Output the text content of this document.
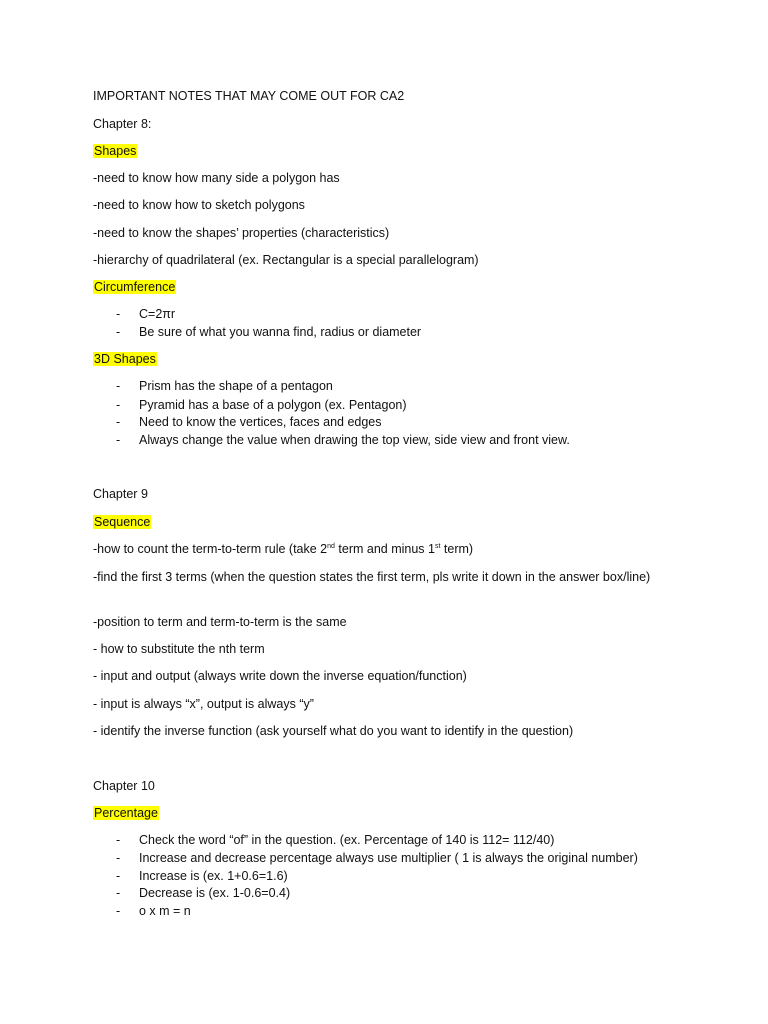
IMPORTANT NOTES THAT MAY COME OUT FOR CA2

Chapter 8:

Shapes

-need to know how many side a polygon has

-need to know how to sketch polygons

-need to know the shapes’ properties (characteristics)

-hierarchy of quadrilateral (ex. Rectangular is a special parallelogram)

Circumference

- C=2πr

- Be sure of what you wanna find, radius or diameter

3D Shapes

- Prism has the shape of a pentagon

- Pyramid has a base of a polygon (ex. Pentagon)

- Need to know the vertices, faces and edges

- Always change the value when drawing the top view, side view and front view.

Chapter 9

Sequence

-how to count the term-to-term rule (take 2nd term and minus 1st term)

-find the first 3 terms (when the question states the first term, pls write it down in the answer box/line)

-position to term and term-to-term is the same

- how to substitute the nth term

- input and output (always write down the inverse equation/function)

- input is always “x”, output is always “y”

- identify the inverse function (ask yourself what do you want to identify in the question)

Chapter 10

Percentage

- Check the word “of” in the question. (ex. Percentage of 140 is 112= 112/40)

- Increase and decrease percentage always use multiplier ( 1 is always the original number)

- Increase is (ex. 1+0.6=1.6)

- Decrease is (ex. 1-0.6=0.4)

- o x m = n
